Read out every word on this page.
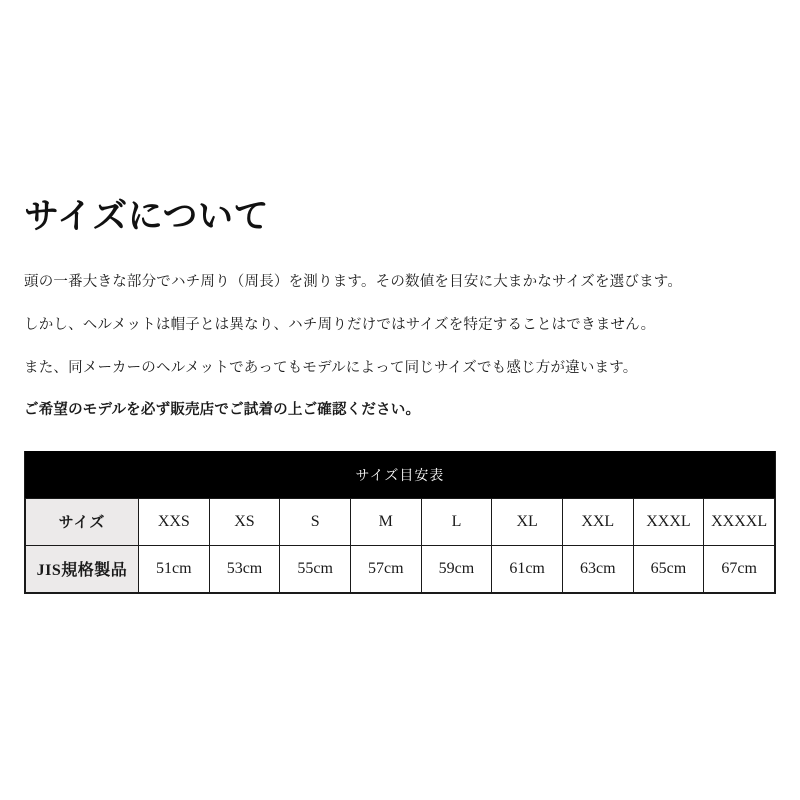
サイズについて

頭の一番大きな部分でハチ周り（周長）を測ります。その数値を目安に大まかなサイズを選びます。

しかし、ヘルメットは帽子とは異なり、ハチ周りだけではサイズを特定することはできません。

また、同メーカーのヘルメットであってもモデルによって同じサイズでも感じ方が違います。

ご希望のモデルを必ず販売店でご試着の上ご確認ください。

サイズ目安表
サイズ	XXS	XS	S	M	L	XL	XXL	XXXL	XXXXL
JIS規格製品	51cm	53cm	55cm	57cm	59cm	61cm	63cm	65cm	67cm
